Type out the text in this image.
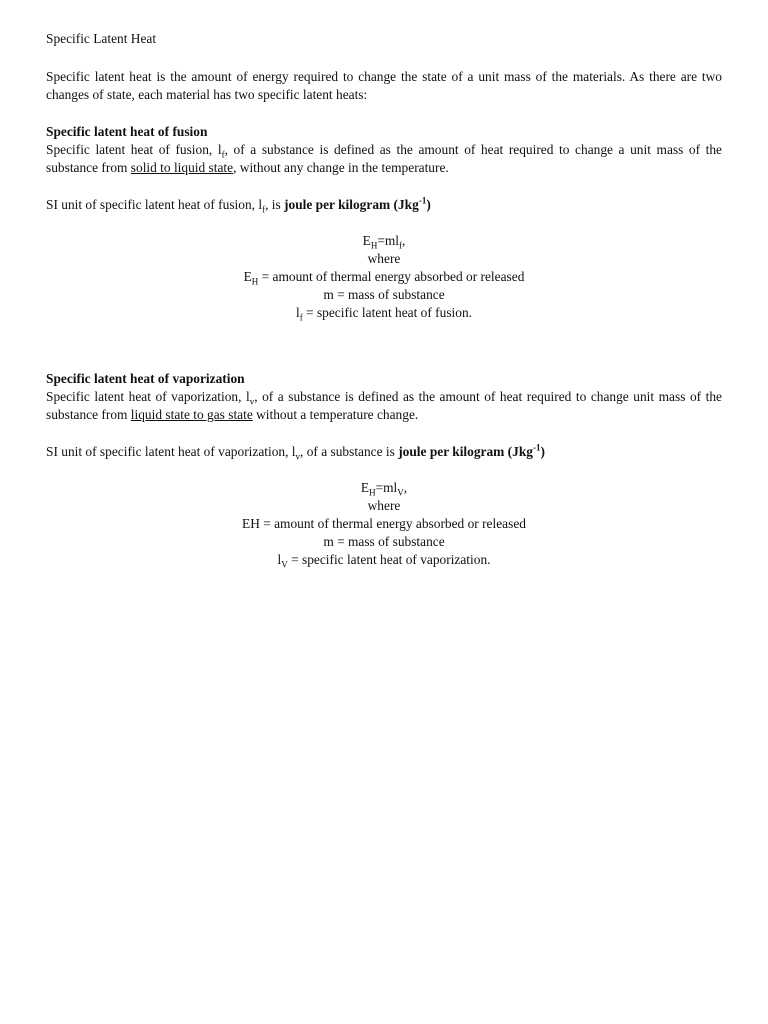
Specific Latent Heat

Specific latent heat is the amount of energy required to change the state of a unit mass of the materials. As there are two changes of state, each material has two specific latent heats:

Specific latent heat of fusion

Specific latent heat of fusion, $l_f$, of a substance is defined as the amount of heat required to change a unit mass of the substance from solid to liquid state, without any change in the temperature.

SI unit of specific latent heat of fusion, $l_f$, is joule per kilogram (Jkg$^{-1}$)

$E_H=ml_f$,

where

$E_H$ = amount of thermal energy absorbed or released

m = mass of substance

$l_f$ = specific latent heat of fusion.

Specific latent heat of vaporization

Specific latent heat of vaporization, $l_v$, of a substance is defined as the amount of heat required to change unit mass of the substance from liquid state to gas state without a temperature change.

SI unit of specific latent heat of vaporization, $l_v$, of a substance is joule per kilogram (Jkg$^{-1}$)

$E_H=ml_V$,

where

EH = amount of thermal energy absorbed or released

m = mass of substance

$l_V$ = specific latent heat of vaporization.
